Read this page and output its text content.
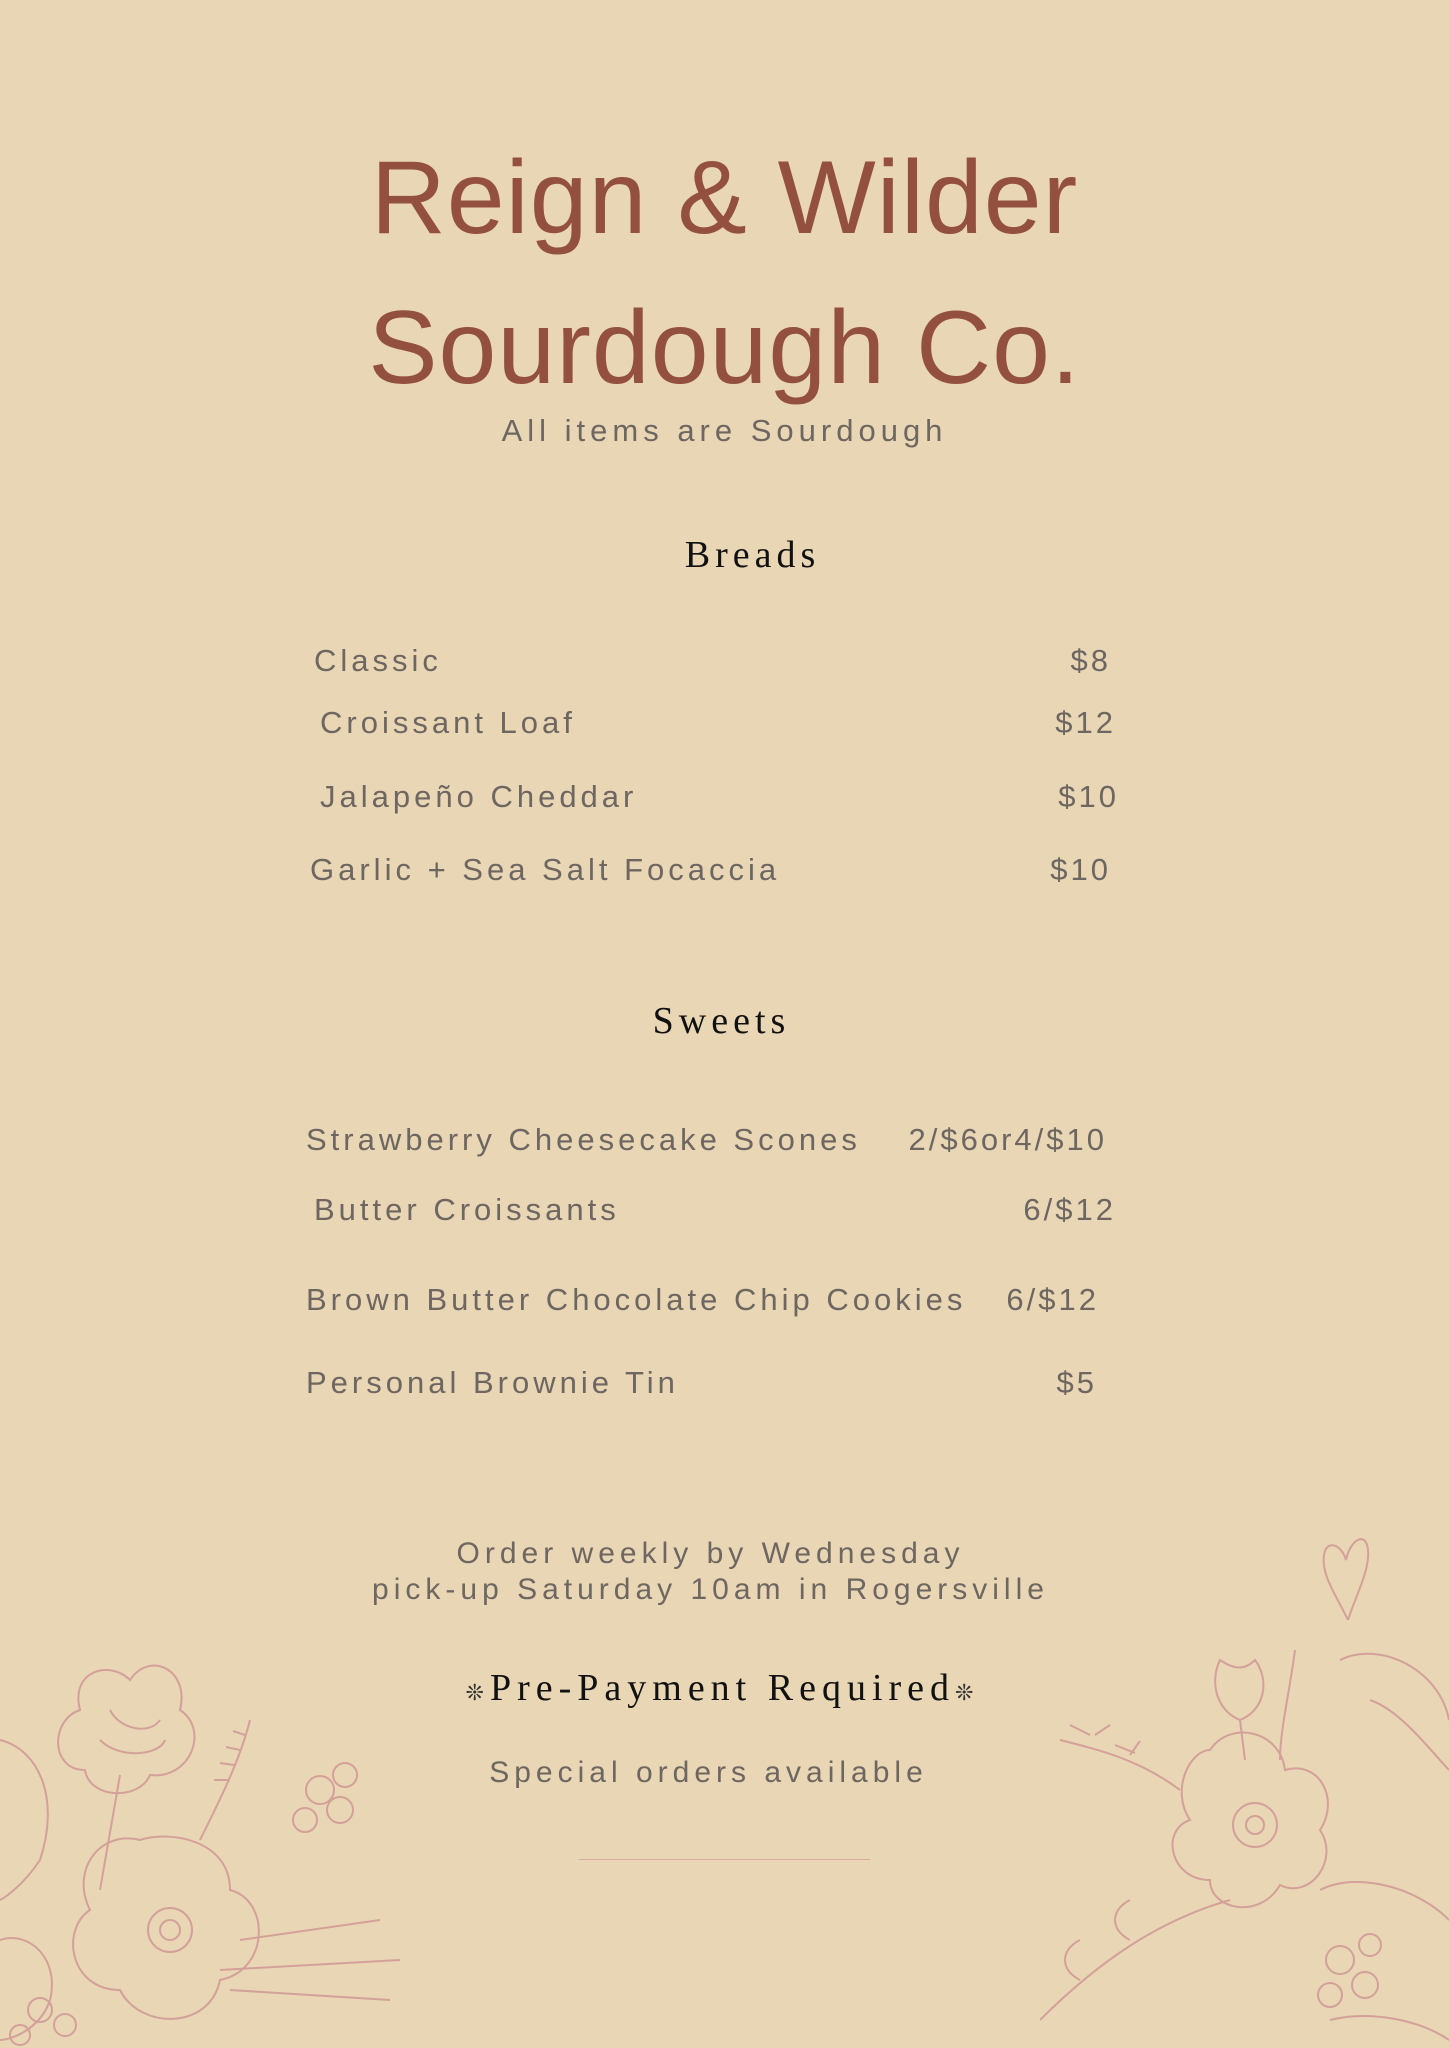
Reign & Wilder
Sourdough Co.
All items are Sourdough
Breads
Classic	$8
Croissant Loaf	$12
Jalapeño Cheddar	$10
Garlic + Sea Salt Focaccia	$10
Sweets
Strawberry Cheesecake Scones 2/$6or4/$10
Butter Croissants	6/$12
Brown Butter Chocolate Chip Cookies 6/$12
Personal Brownie Tin	$5
Order weekly by Wednesday
pick-up Saturday 10am in Rogersville
❊Pre-Payment Required❊
Special orders available
